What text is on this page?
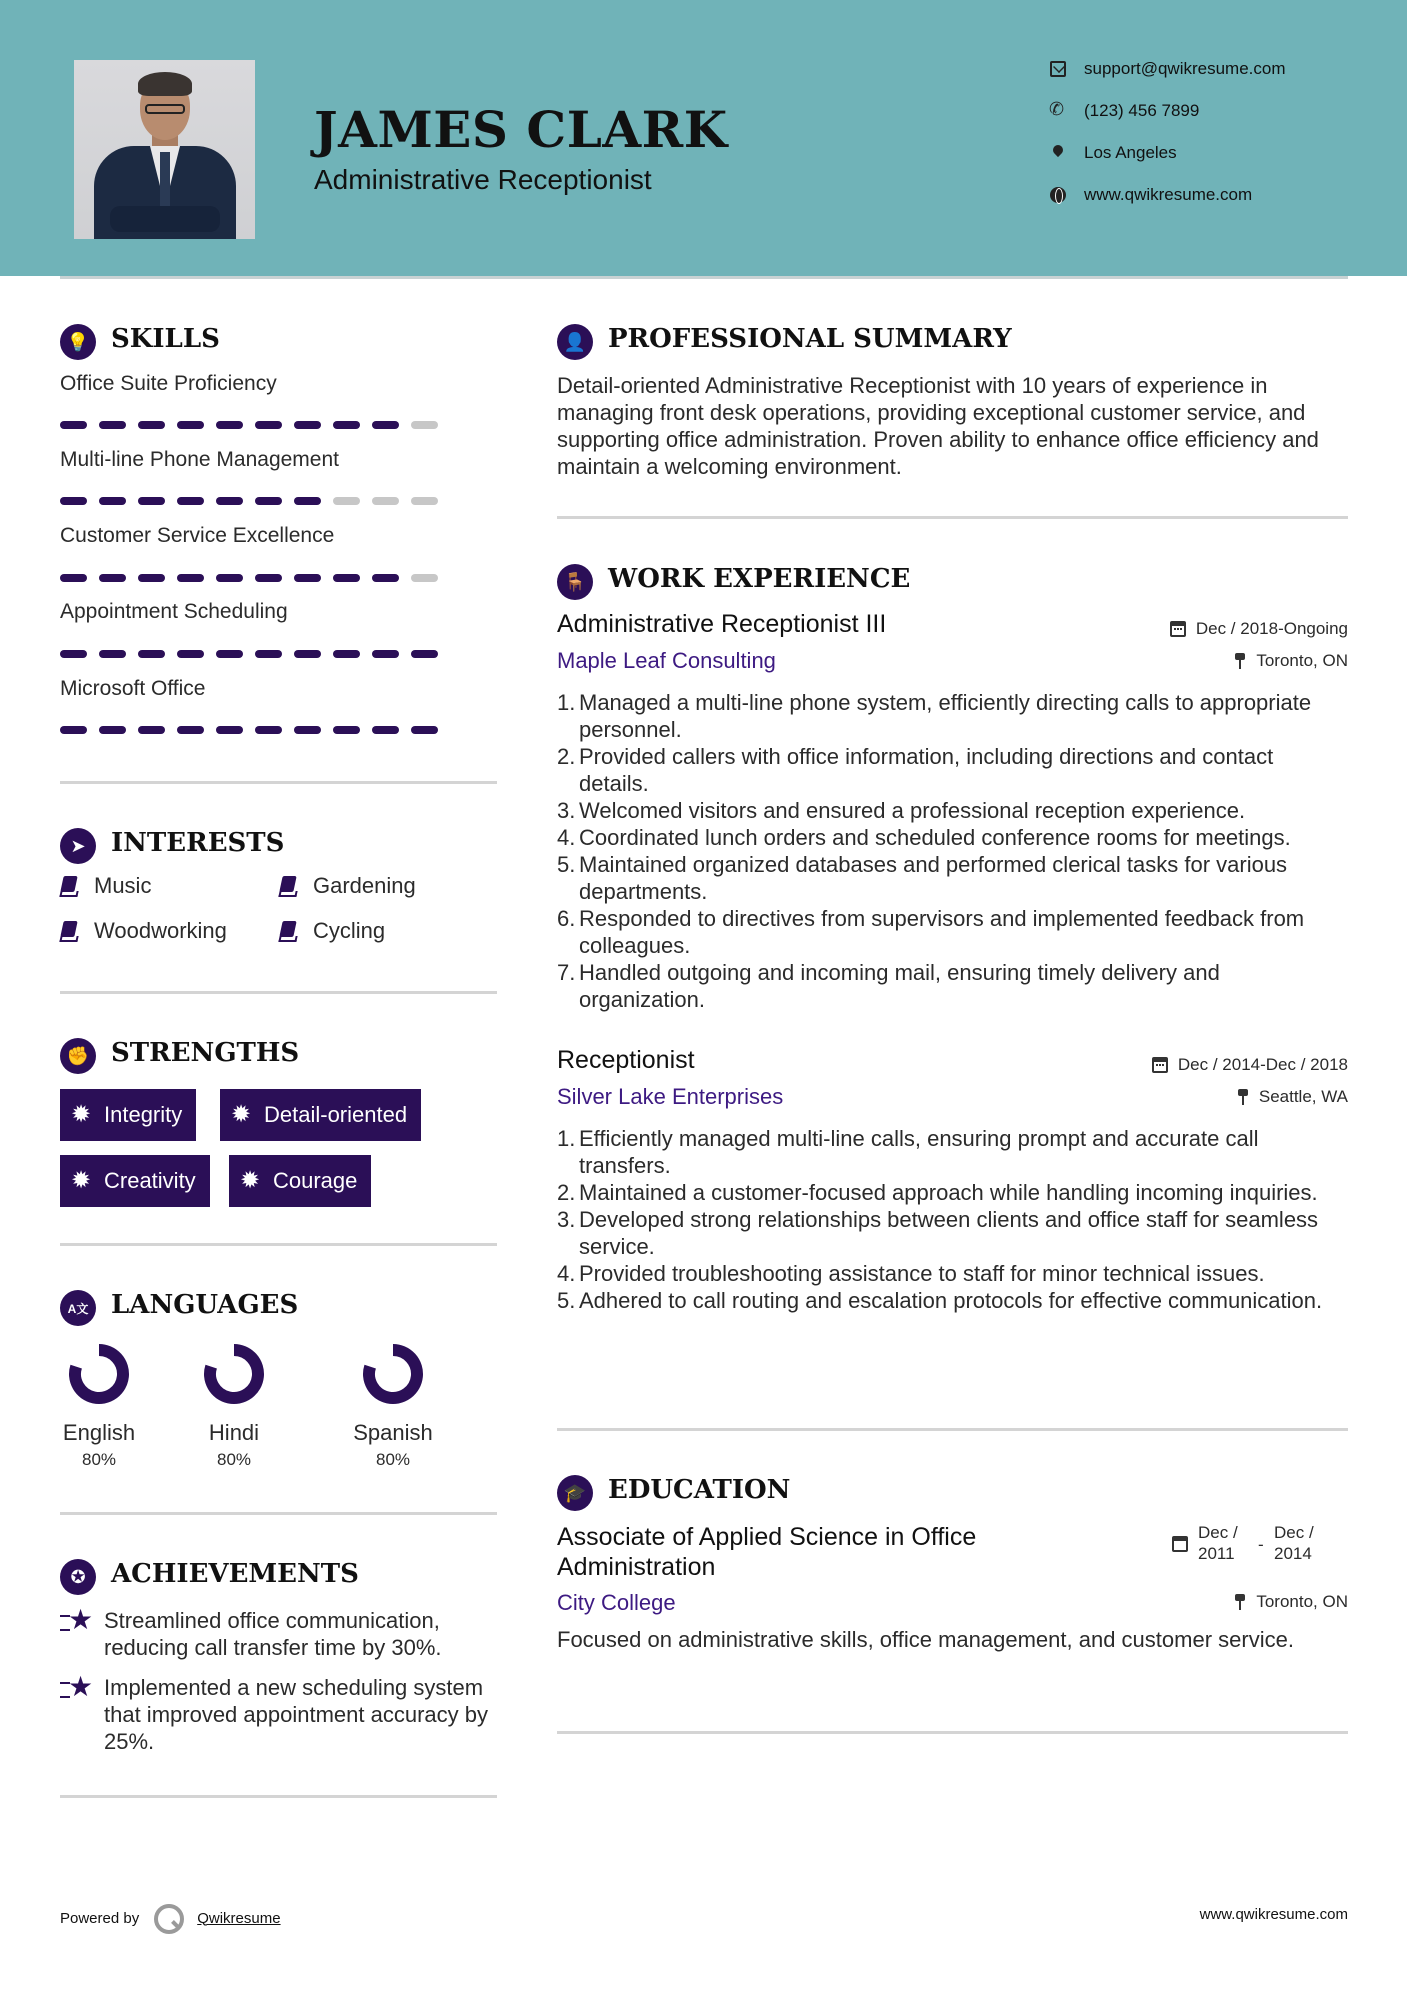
JAMES CLARK
Administrative Receptionist
support@qwikresume.com
✆
(123) 456 7899
Los Angeles
www.qwikresume.com
💡 SKILLS
Office Suite Proficiency
Multi-line Phone Management
Customer Service Excellence
Appointment Scheduling
Microsoft Office
➤ INTERESTS
Music	Gardening
Woodworking	Cycling
✊ STRENGTHS
✹
Integrity ✹	Detail-oriented
✹
Creativity ✹	Courage
A文 LANGUAGES
English
80%
Hindi
80%
Spanish
80%
✪ ACHIEVEMENTS
★
Streamlined office communication, reducing call transfer time by 30%.
★
Implemented a new scheduling system that improved appointment accuracy by 25%.
👤 PROFESSIONAL SUMMARY
Detail-oriented Administrative Receptionist with 10 years of experience in managing front desk operations, providing exceptional customer service, and supporting office administration. Proven ability to enhance office efficiency and maintain a welcoming environment.
🪑 WORK EXPERIENCE
Administrative Receptionist III	Dec / 2018-Ongoing
Maple Leaf Consulting	Toronto, ON
1. Managed a multi-line phone system, efficiently directing calls to appropriate personnel.
2. Provided callers with office information, including directions and contact details.
3. Welcomed visitors and ensured a professional reception experience.
4. Coordinated lunch orders and scheduled conference rooms for meetings.
5. Maintained organized databases and performed clerical tasks for various departments.
6. Responded to directives from supervisors and implemented feedback from colleagues.
7. Handled outgoing and incoming mail, ensuring timely delivery and organization.
Receptionist	Dec / 2014-Dec / 2018
Silver Lake Enterprises	Seattle, WA
1. Efficiently managed multi-line calls, ensuring prompt and accurate call transfers.
2. Maintained a customer-focused approach while handling incoming inquiries.
3. Developed strong relationships between clients and office staff for seamless service.
4. Provided troubleshooting assistance to staff for minor technical issues.
5. Adhered to call routing and escalation protocols for effective communication.
🎓 EDUCATION
Associate of Applied Science in Office Administration
Dec / 2011	-
Dec / 2014
City College	Toronto, ON
Focused on administrative skills, office management, and customer service.
Powered by	Qwikresume	www.qwikresume.com
